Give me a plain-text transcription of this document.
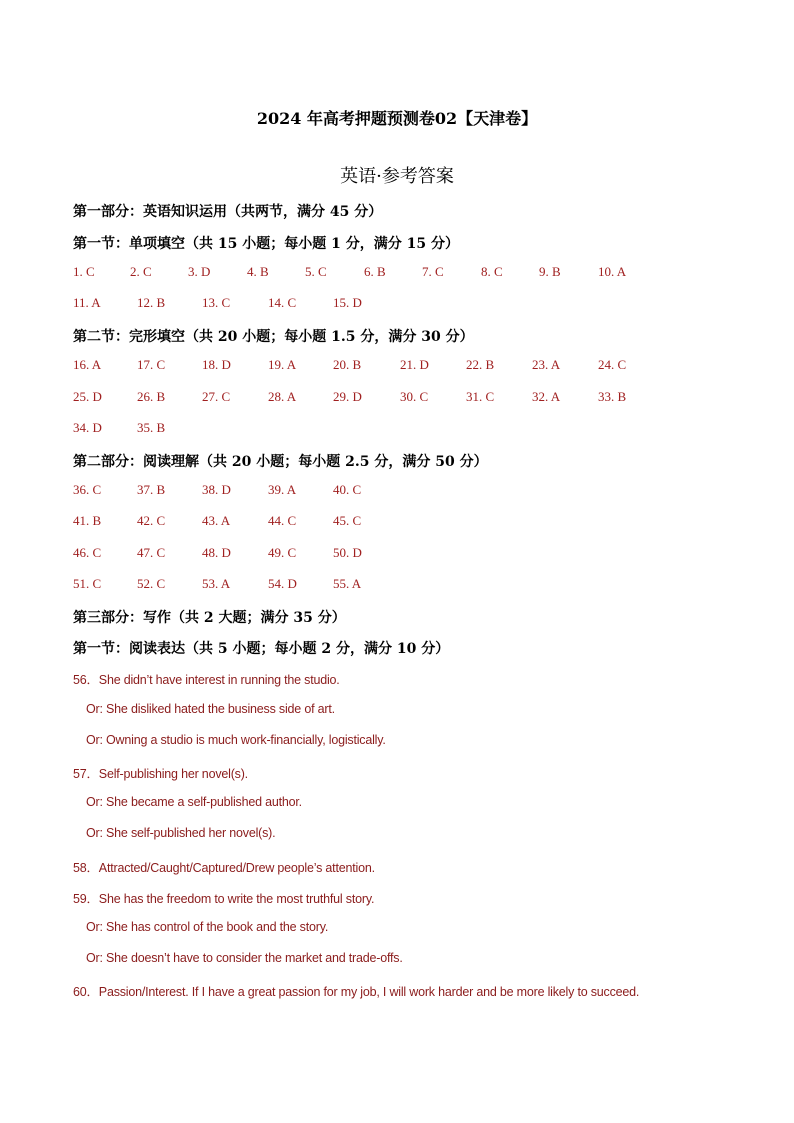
2024 年高考押题预测卷02【天津卷】
英语·参考答案
第一部分：英语知识运用（共两节，满分 45 分）
第一节：单项填空（共 15 小题；每小题 1 分，满分 15 分）
1. C	2. C	3. D	4. B	5. C	6. B	7. C	8. C	9. B	10. A
11. A	12. B	13. C	14. C	15. D
第二节：完形填空（共 20 小题；每小题 1.5 分，满分 30 分）
16. A	17. C	18. D	19. A	20. B	21. D	22. B	23. A	24. C
25. D	26. B	27. C	28. A	29. D	30. C	31. C	32. A	33. B
34. D	35. B
第二部分：阅读理解（共 20 小题；每小题 2.5 分，满分 50 分）
36. C	37. B	38. D	39. A	40. C
41. B	42. C	43. A	44. C	45. C
46. C	47. C	48. D	49. C	50. D
51. C	52. C	53. A	54. D	55. A
第三部分：写作（共 2 大题；满分 35 分）
第一节：阅读表达（共 5 小题；每小题 2 分，满分 10 分）
56．She didn’t have interest in running the studio.
Or: She disliked hated the business side of art.
Or: Owning a studio is much work-financially, logistically.
57．Self-publishing her novel(s).
Or: She became a self-published author.
Or: She self-published her novel(s).
58．Attracted/Caught/Captured/Drew people’s attention.
59．She has the freedom to write the most truthful story.
Or: She has control of the book and the story.
Or: She doesn’t have to consider the market and trade-offs.
60．Passion/Interest. If I have a great passion for my job, I will work harder and be more likely to succeed.
